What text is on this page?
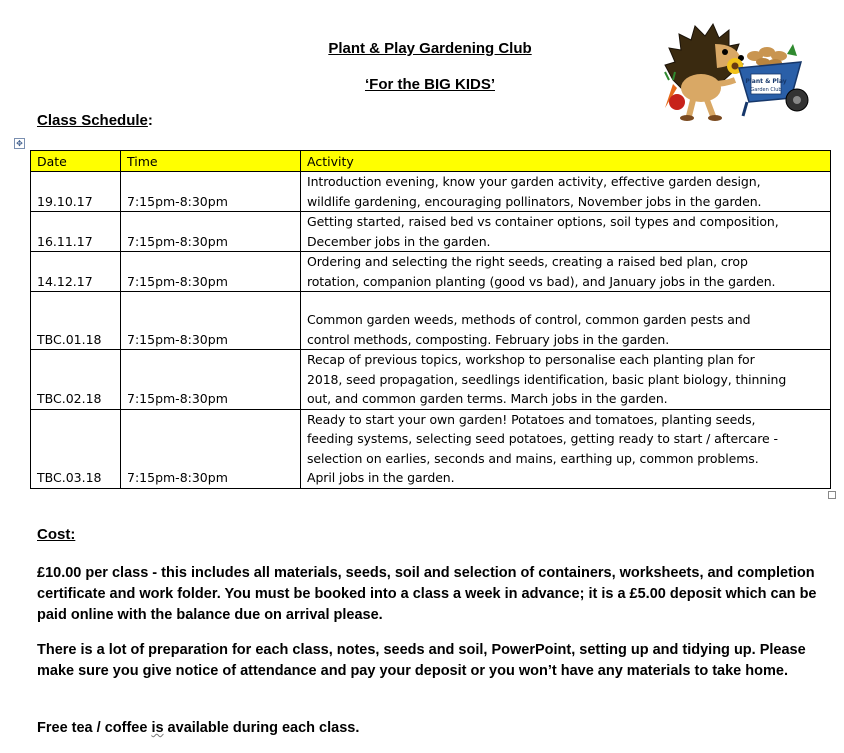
Plant & Play Gardening Club
‘For the BIG KIDS’	Plant & Play
Garden Club
Class Schedule:
✥
Date	Time	Activity
19.10.17	7:15pm-8:30pm	Introduction evening, know your garden activity, effective garden design,
wildlife gardening, encouraging pollinators, November jobs in the garden.

16.11.17	7:15pm-8:30pm	Getting started, raised bed vs container options, soil types and composition,
December jobs in the garden.

14.12.17	7:15pm-8:30pm	Ordering and selecting the right seeds, creating a raised bed plan, crop
rotation, companion planting (good vs bad), and January jobs in the garden.

TBC.01.18	7:15pm-8:30pm	Common garden weeds, methods of control, common garden pests and
control methods, composting. February jobs in the garden.

TBC.02.18	7:15pm-8:30pm	Recap of previous topics, workshop to personalise each planting plan for
2018, seed propagation, seedlings identification, basic plant biology, thinning
out, and common garden terms. March jobs in the garden.

TBC.03.18	7:15pm-8:30pm	Ready to start your own garden! Potatoes and tomatoes, planting seeds,
feeding systems, selecting seed potatoes, getting ready to start / aftercare -
selection on earlies, seconds and mains, earthing up, common problems.
April jobs in the garden.
Cost:
£10.00 per class - this includes all materials, seeds, soil and selection of containers, worksheets, and completion certificate and work folder. You must be booked into a class a week in advance; it is a £5.00 deposit which can be paid online with the balance due on arrival please.
There is a lot of preparation for each class, notes, seeds and soil, PowerPoint, setting up and tidying up. Please make sure you give notice of attendance and pay your deposit or you won’t have any materials to take home.
Free tea / coffee is available during each class.
